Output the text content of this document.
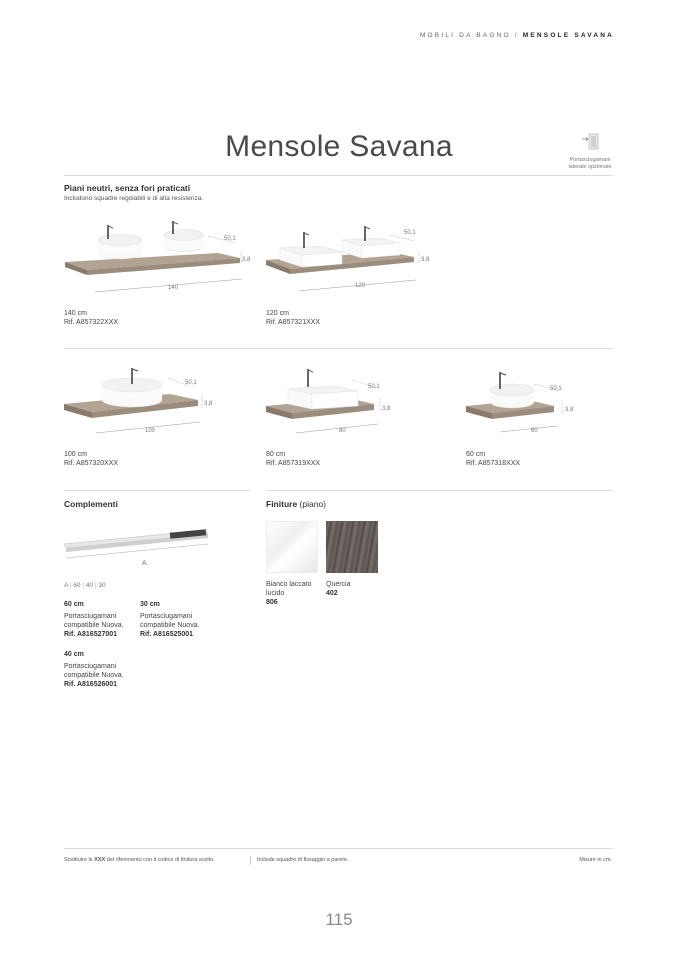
MOBILI DA BAGNO / MENSOLE SAVANA
Mensole Savana	Portasciugamani
laterale opzionale
Piani neutri, senza fori praticati
Includono squadre regolabili e di alta resistenza.
50,1
3,8
140
140 cm
Rif. A857322XXX
50,1
3,8
120
120 cm
Rif. A857321XXX
50,1
3,8
100
100 cm
Rif. A857320XXX
50,1
3,8
80
80 cm
Rif. A857319XXX
50,1
3,8
60
60 cm
Rif. A857318XXX
Complementi
A
A | 60 | 40 | 30
60 cm
Portasciugamani
compatibile Nuova.
Rif. A816527001
30 cm
Portasciugamani
compatibile Nuova.
Rif. A816525001
40 cm
Portasciugamani
compatibile Nuova.
Rif. A816526001
Finiture (piano)
Bianco laccato
lucido
806
Quercia
402
Sostituire le XXX del riferimento con il codice di finitura scelto.	Include squadre di fissaggio a parete.	Misure in cm.
115
